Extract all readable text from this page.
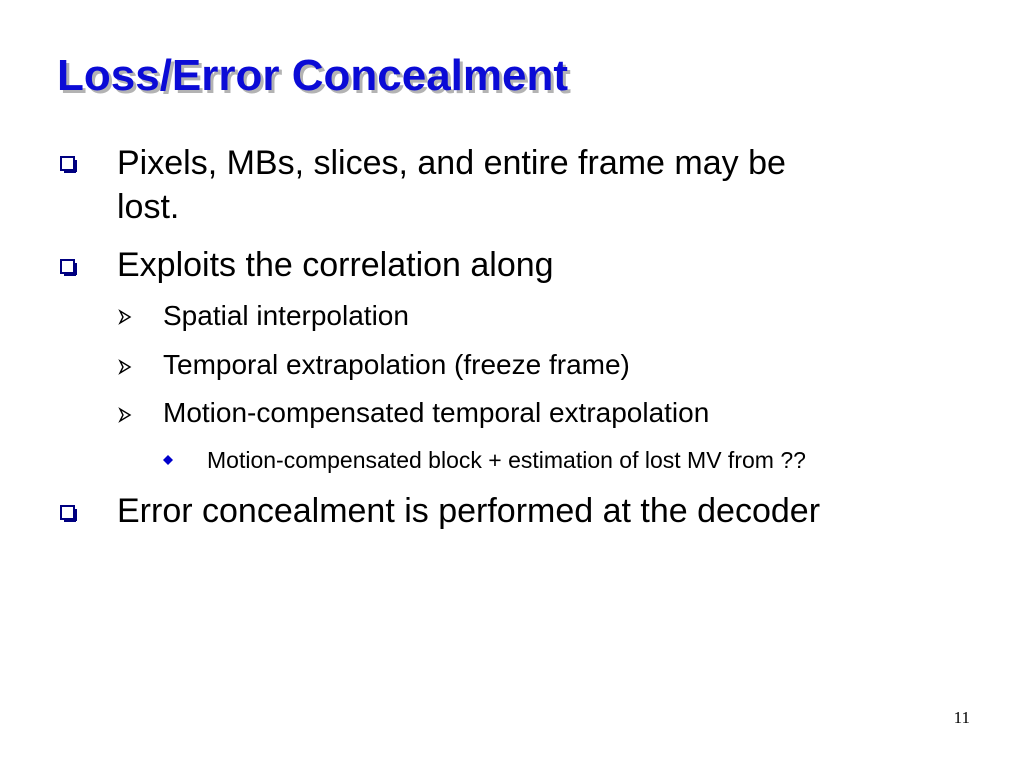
Loss/Error Concealment
Pixels, MBs, slices, and entire frame may be
lost.
Exploits the correlation along
Spatial interpolation
Temporal extrapolation (freeze frame)
Motion-compensated temporal extrapolation
Motion-compensated block + estimation of lost MV from ??
Error concealment is performed at the decoder
11
